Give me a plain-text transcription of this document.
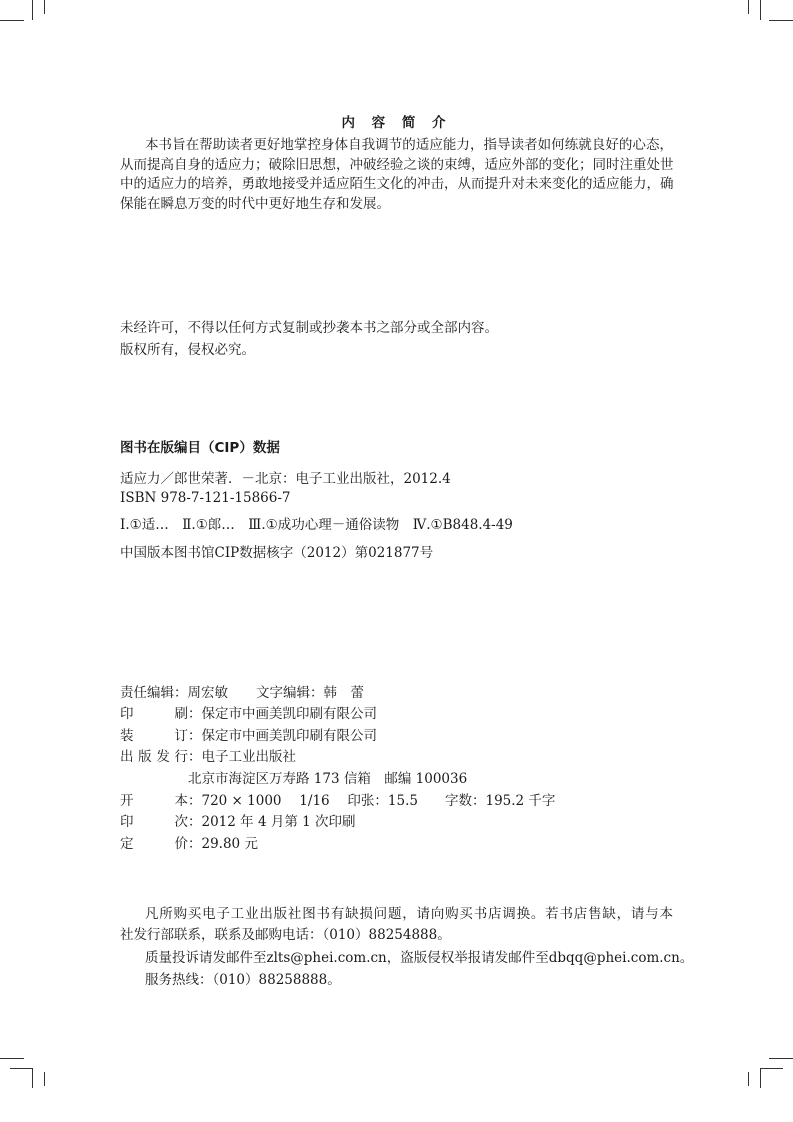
内 容 简 介
本书旨在帮助读者更好地掌控身体自我调节的适应能力，指导读者如何练就良好的心态，
从而提高自身的适应力；破除旧思想，冲破经验之谈的束缚，适应外部的变化；同时注重处世
中的适应力的培养，勇敢地接受并适应陌生文化的冲击，从而提升对未来变化的适应能力，确
保能在瞬息万变的时代中更好地生存和发展。
未经许可，不得以任何方式复制或抄袭本书之部分或全部内容。
版权所有，侵权必究。
图书在版编目（CIP）数据
适应力／郎世荣著．－北京：电子工业出版社，2012.4
ISBN 978-7-121-15866-7
Ⅰ.①适…　Ⅱ.①郎…　Ⅲ.①成功心理－通俗读物　Ⅳ.①B848.4-49
中国版本图书馆CIP数据核字（2012）第021877号
责任编辑：周宏敏 文字编辑：韩　蕾
印刷：保定市中画美凯印刷有限公司
装订：保定市中画美凯印刷有限公司
出版发行：电子工业出版社
北京市海淀区万寿路 173 信箱　邮编 100036
开本：720 × 1000　 1/16　 印张：15.5　　字数：195.2 千字
印次：2012 年 4 月第 1 次印刷
定价：29.80 元
凡所购买电子工业出版社图书有缺损问题，请向购买书店调换。若书店售缺，请与本
社发行部联系，联系及邮购电话：（010）88254888。
质量投诉请发邮件至zlts@phei.com.cn，盗版侵权举报请发邮件至dbqq@phei.com.cn。
服务热线：（010）88258888。
